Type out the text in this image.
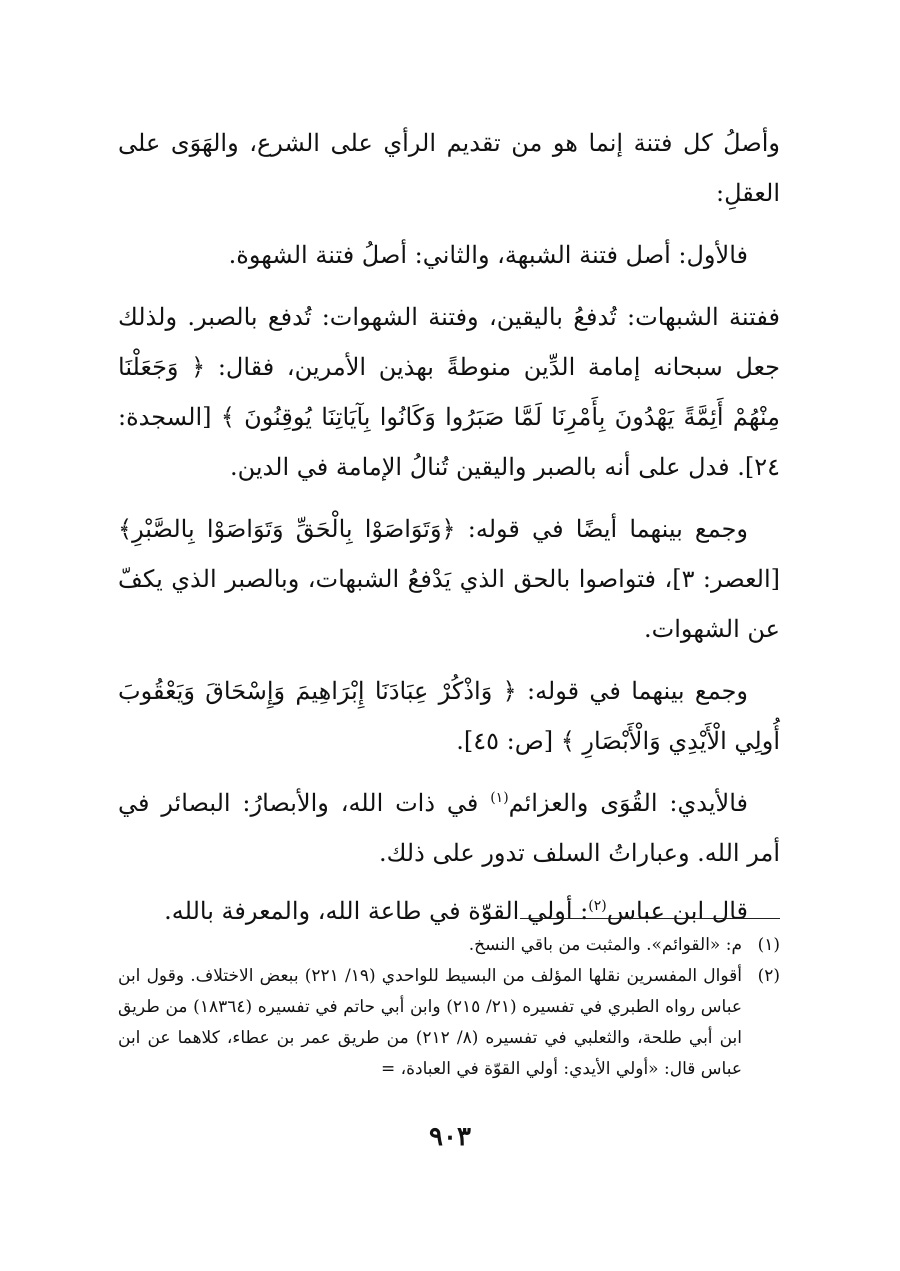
وأصلُ كل فتنة إنما هو من تقديم الرأي على الشرع، والهَوَى على العقلِ:

فالأول: أصل فتنة الشبهة، والثاني: أصلُ فتنة الشهوة.

ففتنة الشبهات: تُدفعُ باليقين، وفتنة الشهوات: تُدفع بالصبر. ولذلك جعل سبحانه إمامة الدِّين منوطةً بهذين الأمرين، فقال: ﴿ وَجَعَلْنَا مِنْهُمْ أَئِمَّةً يَهْدُونَ بِأَمْرِنَا لَمَّا صَبَرُوا وَكَانُوا بِآيَاتِنَا يُوقِنُونَ ﴾ [السجدة: ٢٤]. فدل على أنه بالصبر واليقين تُنالُ الإمامة في الدين.

وجمع بينهما أيضًا في قوله: ﴿وَتَوَاصَوْا بِالْحَقِّ وَتَوَاصَوْا بِالصَّبْرِ﴾ [العصر: ٣]، فتواصوا بالحق الذي يَدْفعُ الشبهات، وبالصبر الذي يكفّ عن الشهوات.

وجمع بينهما في قوله: ﴿ وَاذْكُرْ عِبَادَنَا إِبْرَاهِيمَ وَإِسْحَاقَ وَيَعْقُوبَ أُولِي الْأَيْدِي وَالْأَبْصَارِ ﴾ [ص: ٤٥].

فالأيدي: القُوَى والعزائم$^{(١)}$ في ذات الله، والأبصارُ: البصائر في أمر الله. وعباراتُ السلف تدور على ذلك.

قال ابن عباس$^{(٢)}$: أولي القوّة في طاعة الله، والمعرفة بالله.

(١)
م: «القوائم». والمثبت من باقي النسخ.
(٢)
أقوال المفسرين نقلها المؤلف من البسيط للواحدي (١٩/ ٢٢١) ببعض الاختلاف. وقول ابن عباس رواه الطبري في تفسيره (٢١/ ٢١٥) وابن أبي حاتم في تفسيره (١٨٣٦٤) من طريق ابن أبي طلحة، والثعلبي في تفسيره (٨/ ٢١٢) من طريق عمر بن عطاء، كلاهما عن ابن عباس قال: «أولي الأيدي: أولي القوّة في العبادة، =
٩٠٣
